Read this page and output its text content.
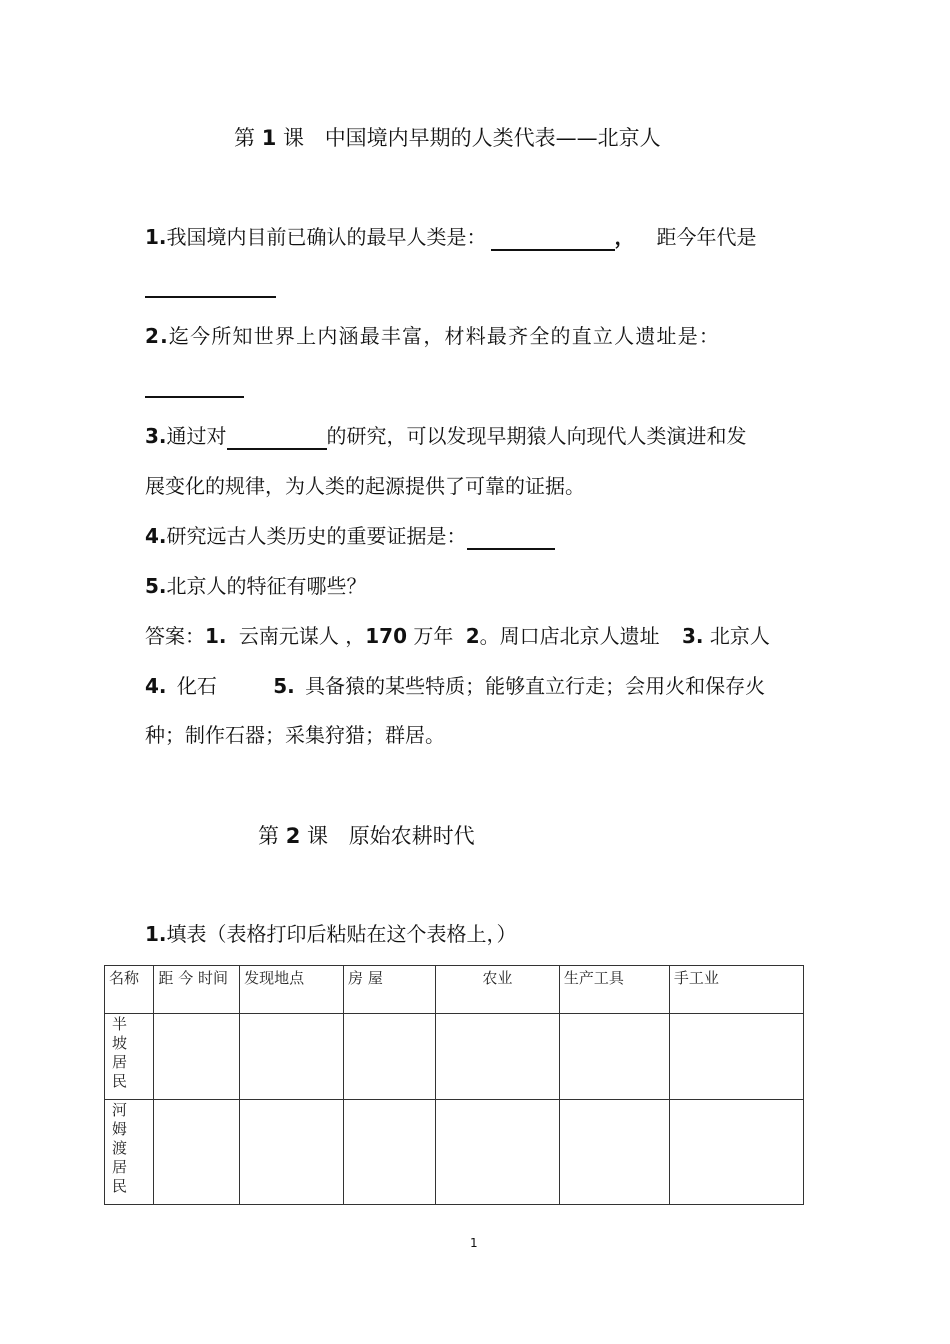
第 1 课 中国境内早期的人类代表——北京人
1.我国境内目前已确认的最早人类是：	， 距今年代是
2.迄今所知世界上内涵最丰富，材料最齐全的直立人遗址是：
3.通过对	的研究，可以发现早期猿人向现代人类演进和发
展变化的规律，为人类的起源提供了可靠的证据。
4.研究远古人类历史的重要证据是：
5.北京人的特征有哪些？
答案：1. 云南元谋人 ，170 万年 2。周口店北京人遗址 3. 北京人
4. 化石	5. 具备猿的某些特质；能够直立行走；会用火和保存火
种；制作石器；采集狩猎；群居。
第 2 课 原始农耕时代
1.填表（表格打印后粘贴在这个表格上，）
名称	距 今 时间	发现地点	房 屋	农业	生产工具	手工业
半坡居民						
河姆渡居民						
1
